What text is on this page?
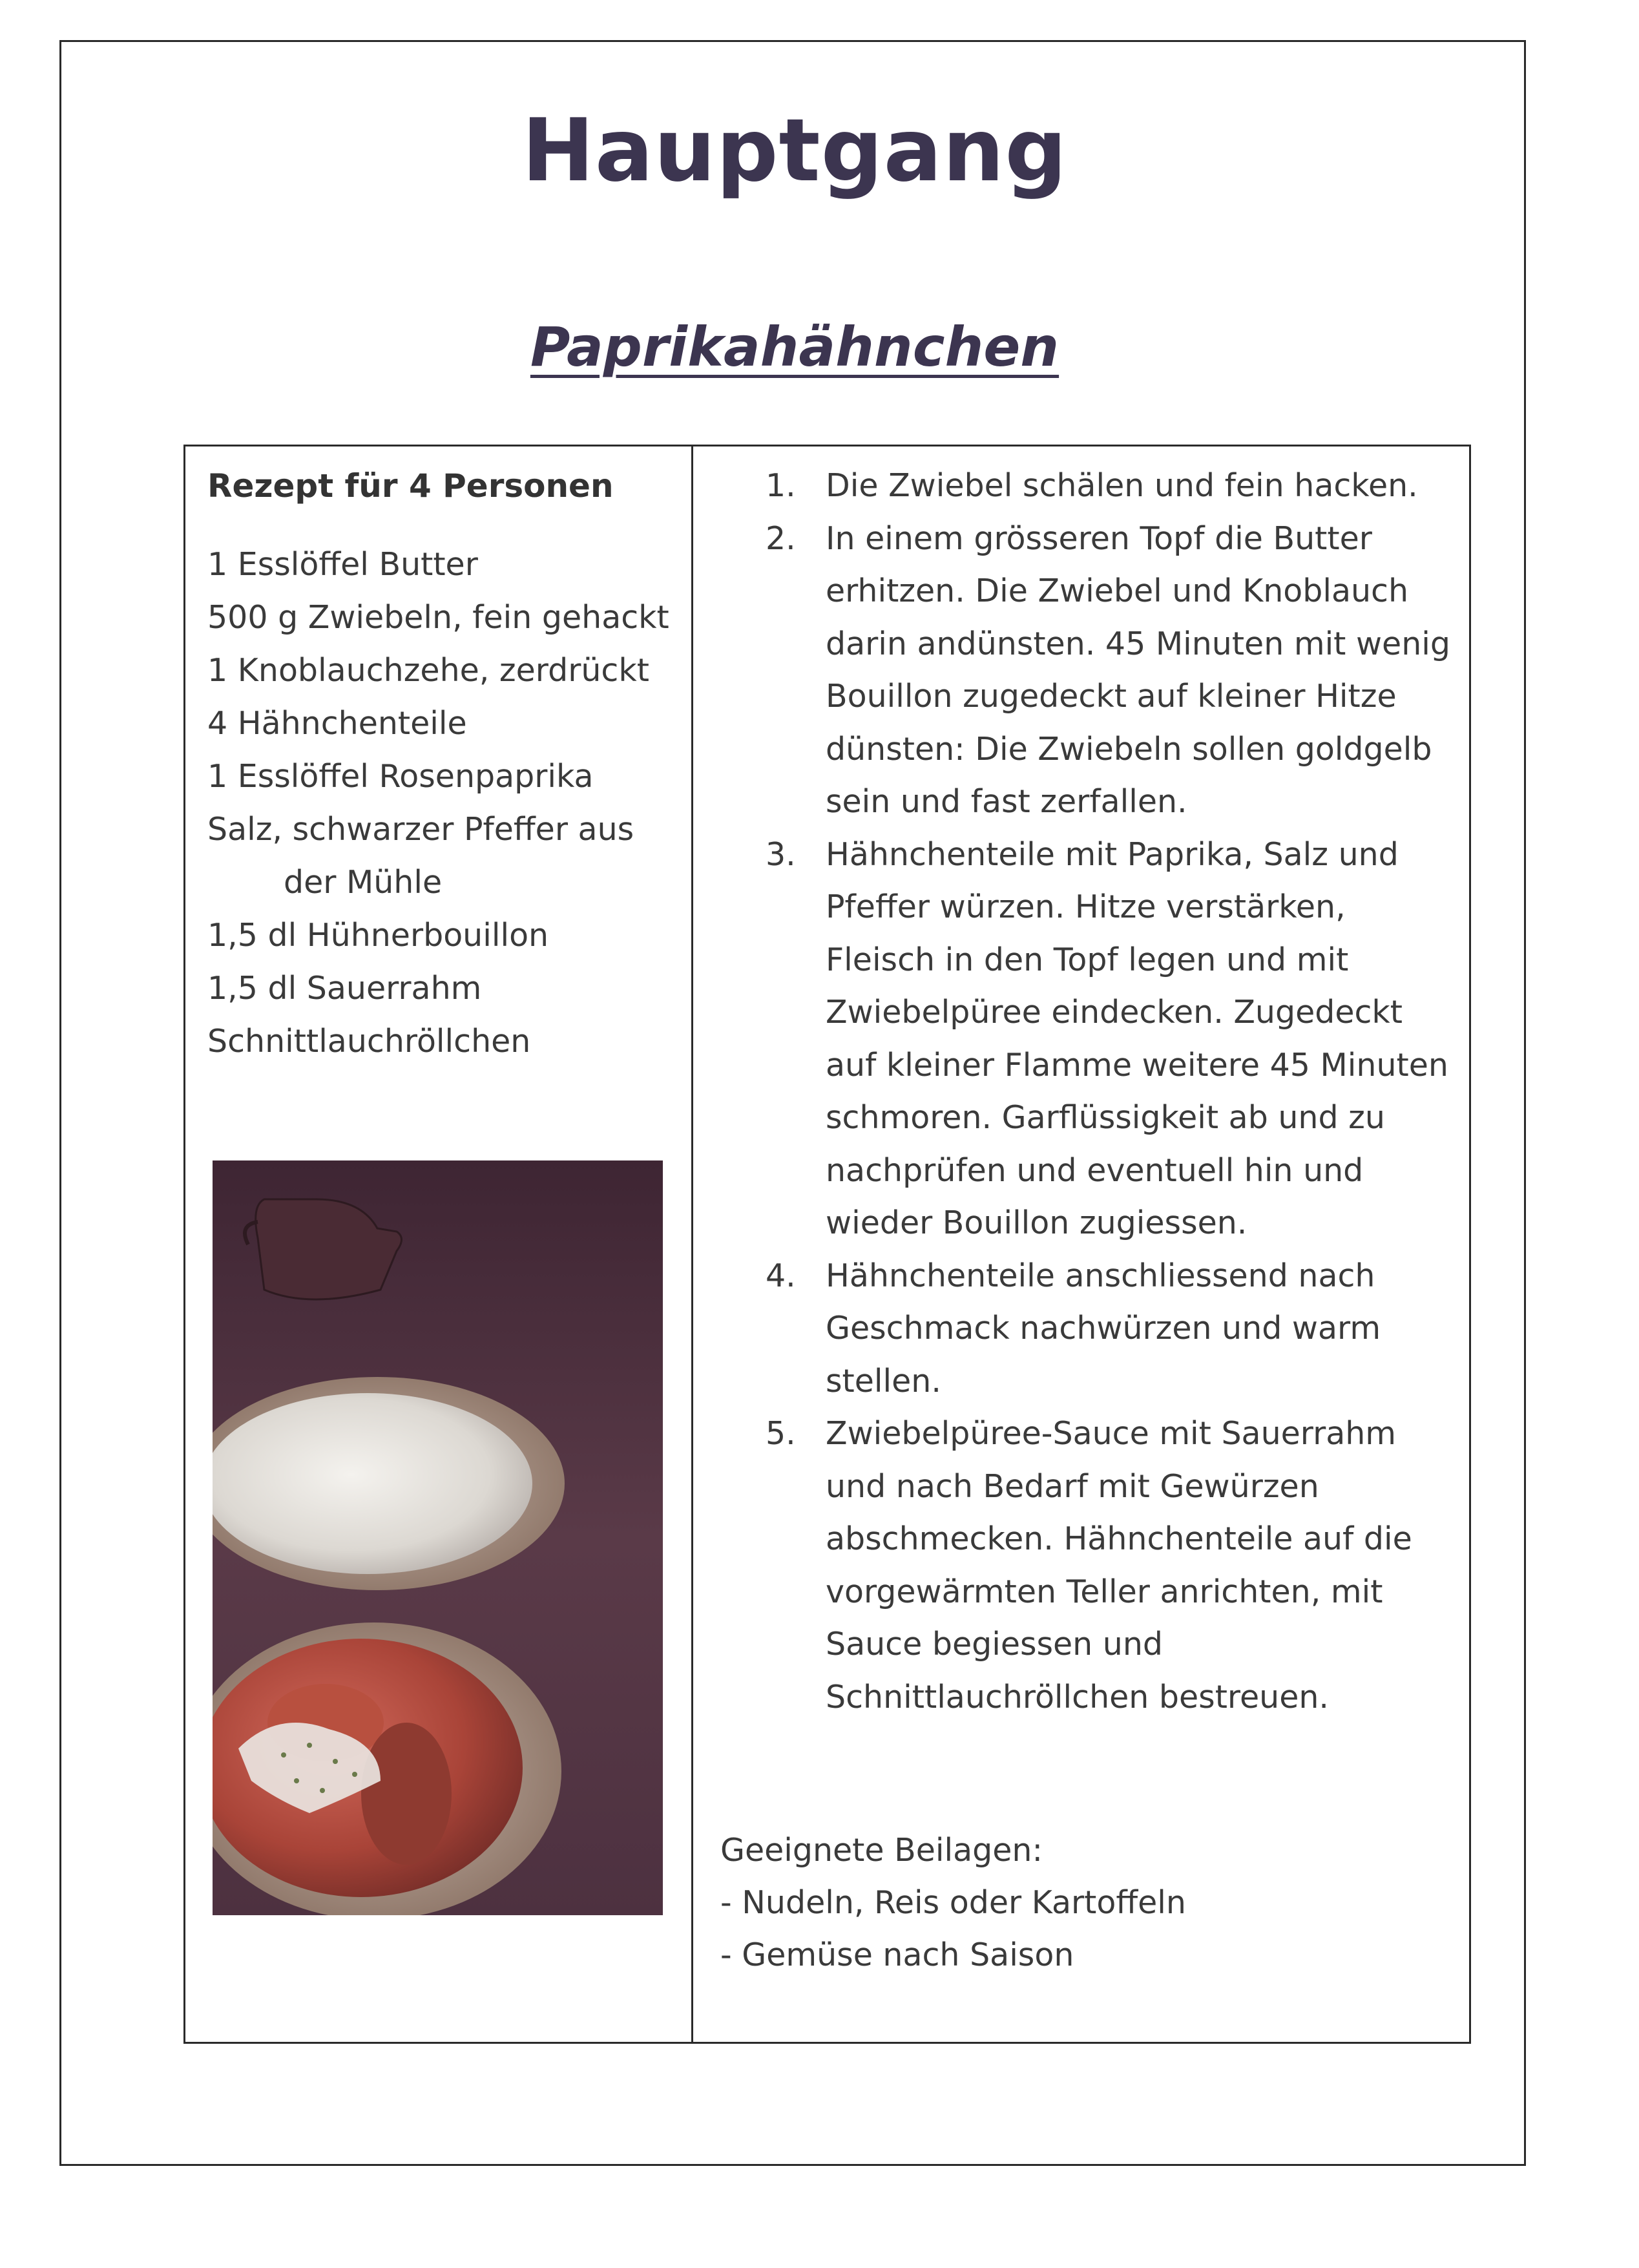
Hauptgang
Paprikahähnchen
Rezept für 4 Personen
1 Esslöffel Butter
500 g Zwiebeln, fein gehackt
1 Knoblauchzehe, zerdrückt
4 Hähnchenteile
1 Esslöffel Rosenpaprika
Salz, schwarzer Pfeffer aus
der Mühle
1,5 dl Hühnerbouillon
1,5 dl Sauerrahm
Schnittlauchröllchen
1. Die Zwiebel schälen und fein hacken.
2. In einem grösseren Topf die Butter erhitzen. Die Zwiebel und Knoblauch darin andünsten. 45 Minuten mit wenig Bouillon zugedeckt auf kleiner Hitze dünsten: Die Zwiebeln sollen goldgelb sein und fast zerfallen.
3. Hähnchenteile mit Paprika, Salz und Pfeffer würzen. Hitze verstärken, Fleisch in den Topf legen und mit Zwiebelpüree eindecken. Zugedeckt auf kleiner Flamme weitere 45 Minuten schmoren. Garflüssigkeit ab und zu nachprüfen und eventuell hin und wieder Bouillon zugiessen.
4. Hähnchenteile anschliessend nach Geschmack nachwürzen und warm stellen.
5. Zwiebelpüree-Sauce mit Sauerrahm und nach Bedarf mit Gewürzen abschmecken. Hähnchenteile auf die vorgewärmten Teller anrichten, mit Sauce begiessen und Schnittlauchröllchen bestreuen.
Geeignete Beilagen:
- Nudeln, Reis oder Kartoffeln
- Gemüse nach Saison
